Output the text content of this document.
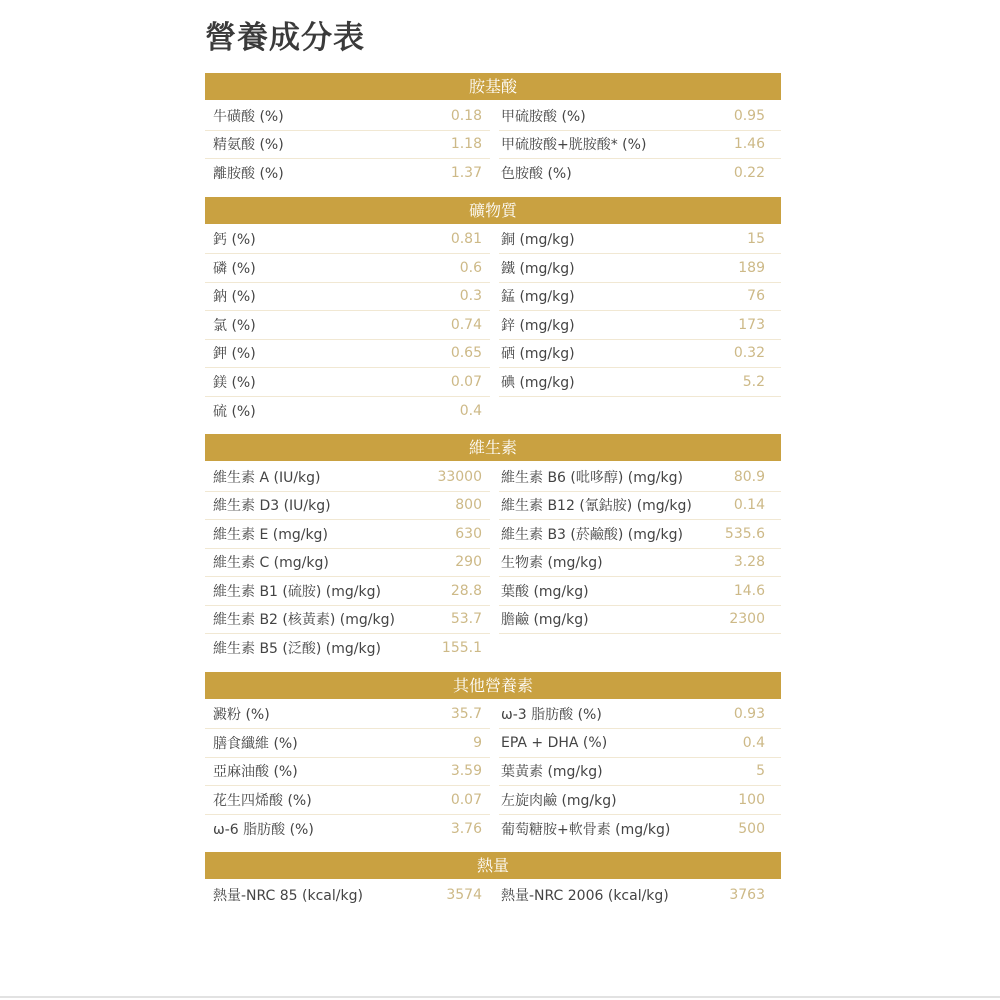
營養成分表
胺基酸
牛磺酸 (%)	0.18	甲硫胺酸 (%)	0.95
精氨酸 (%)	1.18	甲硫胺酸+胱胺酸* (%)	1.46
離胺酸 (%)	1.37	色胺酸 (%)	0.22
礦物質
鈣 (%)	0.81	銅 (mg/kg)	15
磷 (%)	0.6	鐵 (mg/kg)	189
鈉 (%)	0.3	錳 (mg/kg)	76
氯 (%)	0.74	鋅 (mg/kg)	173
鉀 (%)	0.65	硒 (mg/kg)	0.32
鎂 (%)	0.07	碘 (mg/kg)	5.2
硫 (%)	0.4
維生素
維生素 A (IU/kg)	33000	維生素 B6 (吡哆醇) (mg/kg)	80.9
維生素 D3 (IU/kg)	800	維生素 B12 (氰鈷胺) (mg/kg)	0.14
維生素 E (mg/kg)	630	維生素 B3 (菸鹼酸) (mg/kg)	535.6
維生素 C (mg/kg)	290	生物素 (mg/kg)	3.28
維生素 B1 (硫胺) (mg/kg)	28.8	葉酸 (mg/kg)	14.6
維生素 B2 (核黃素) (mg/kg)	53.7	膽鹼 (mg/kg)	2300
維生素 B5 (泛酸) (mg/kg)	155.1
其他營養素
澱粉 (%)	35.7	ω-3 脂肪酸 (%)	0.93
膳食纖維 (%)	9	EPA + DHA (%)	0.4
亞麻油酸 (%)	3.59	葉黃素 (mg/kg)	5
花生四烯酸 (%)	0.07	左旋肉鹼 (mg/kg)	100
ω-6 脂肪酸 (%)	3.76	葡萄糖胺+軟骨素 (mg/kg)	500
熱量
熱量-NRC 85 (kcal/kg)	3574	熱量-NRC 2006 (kcal/kg)	3763
